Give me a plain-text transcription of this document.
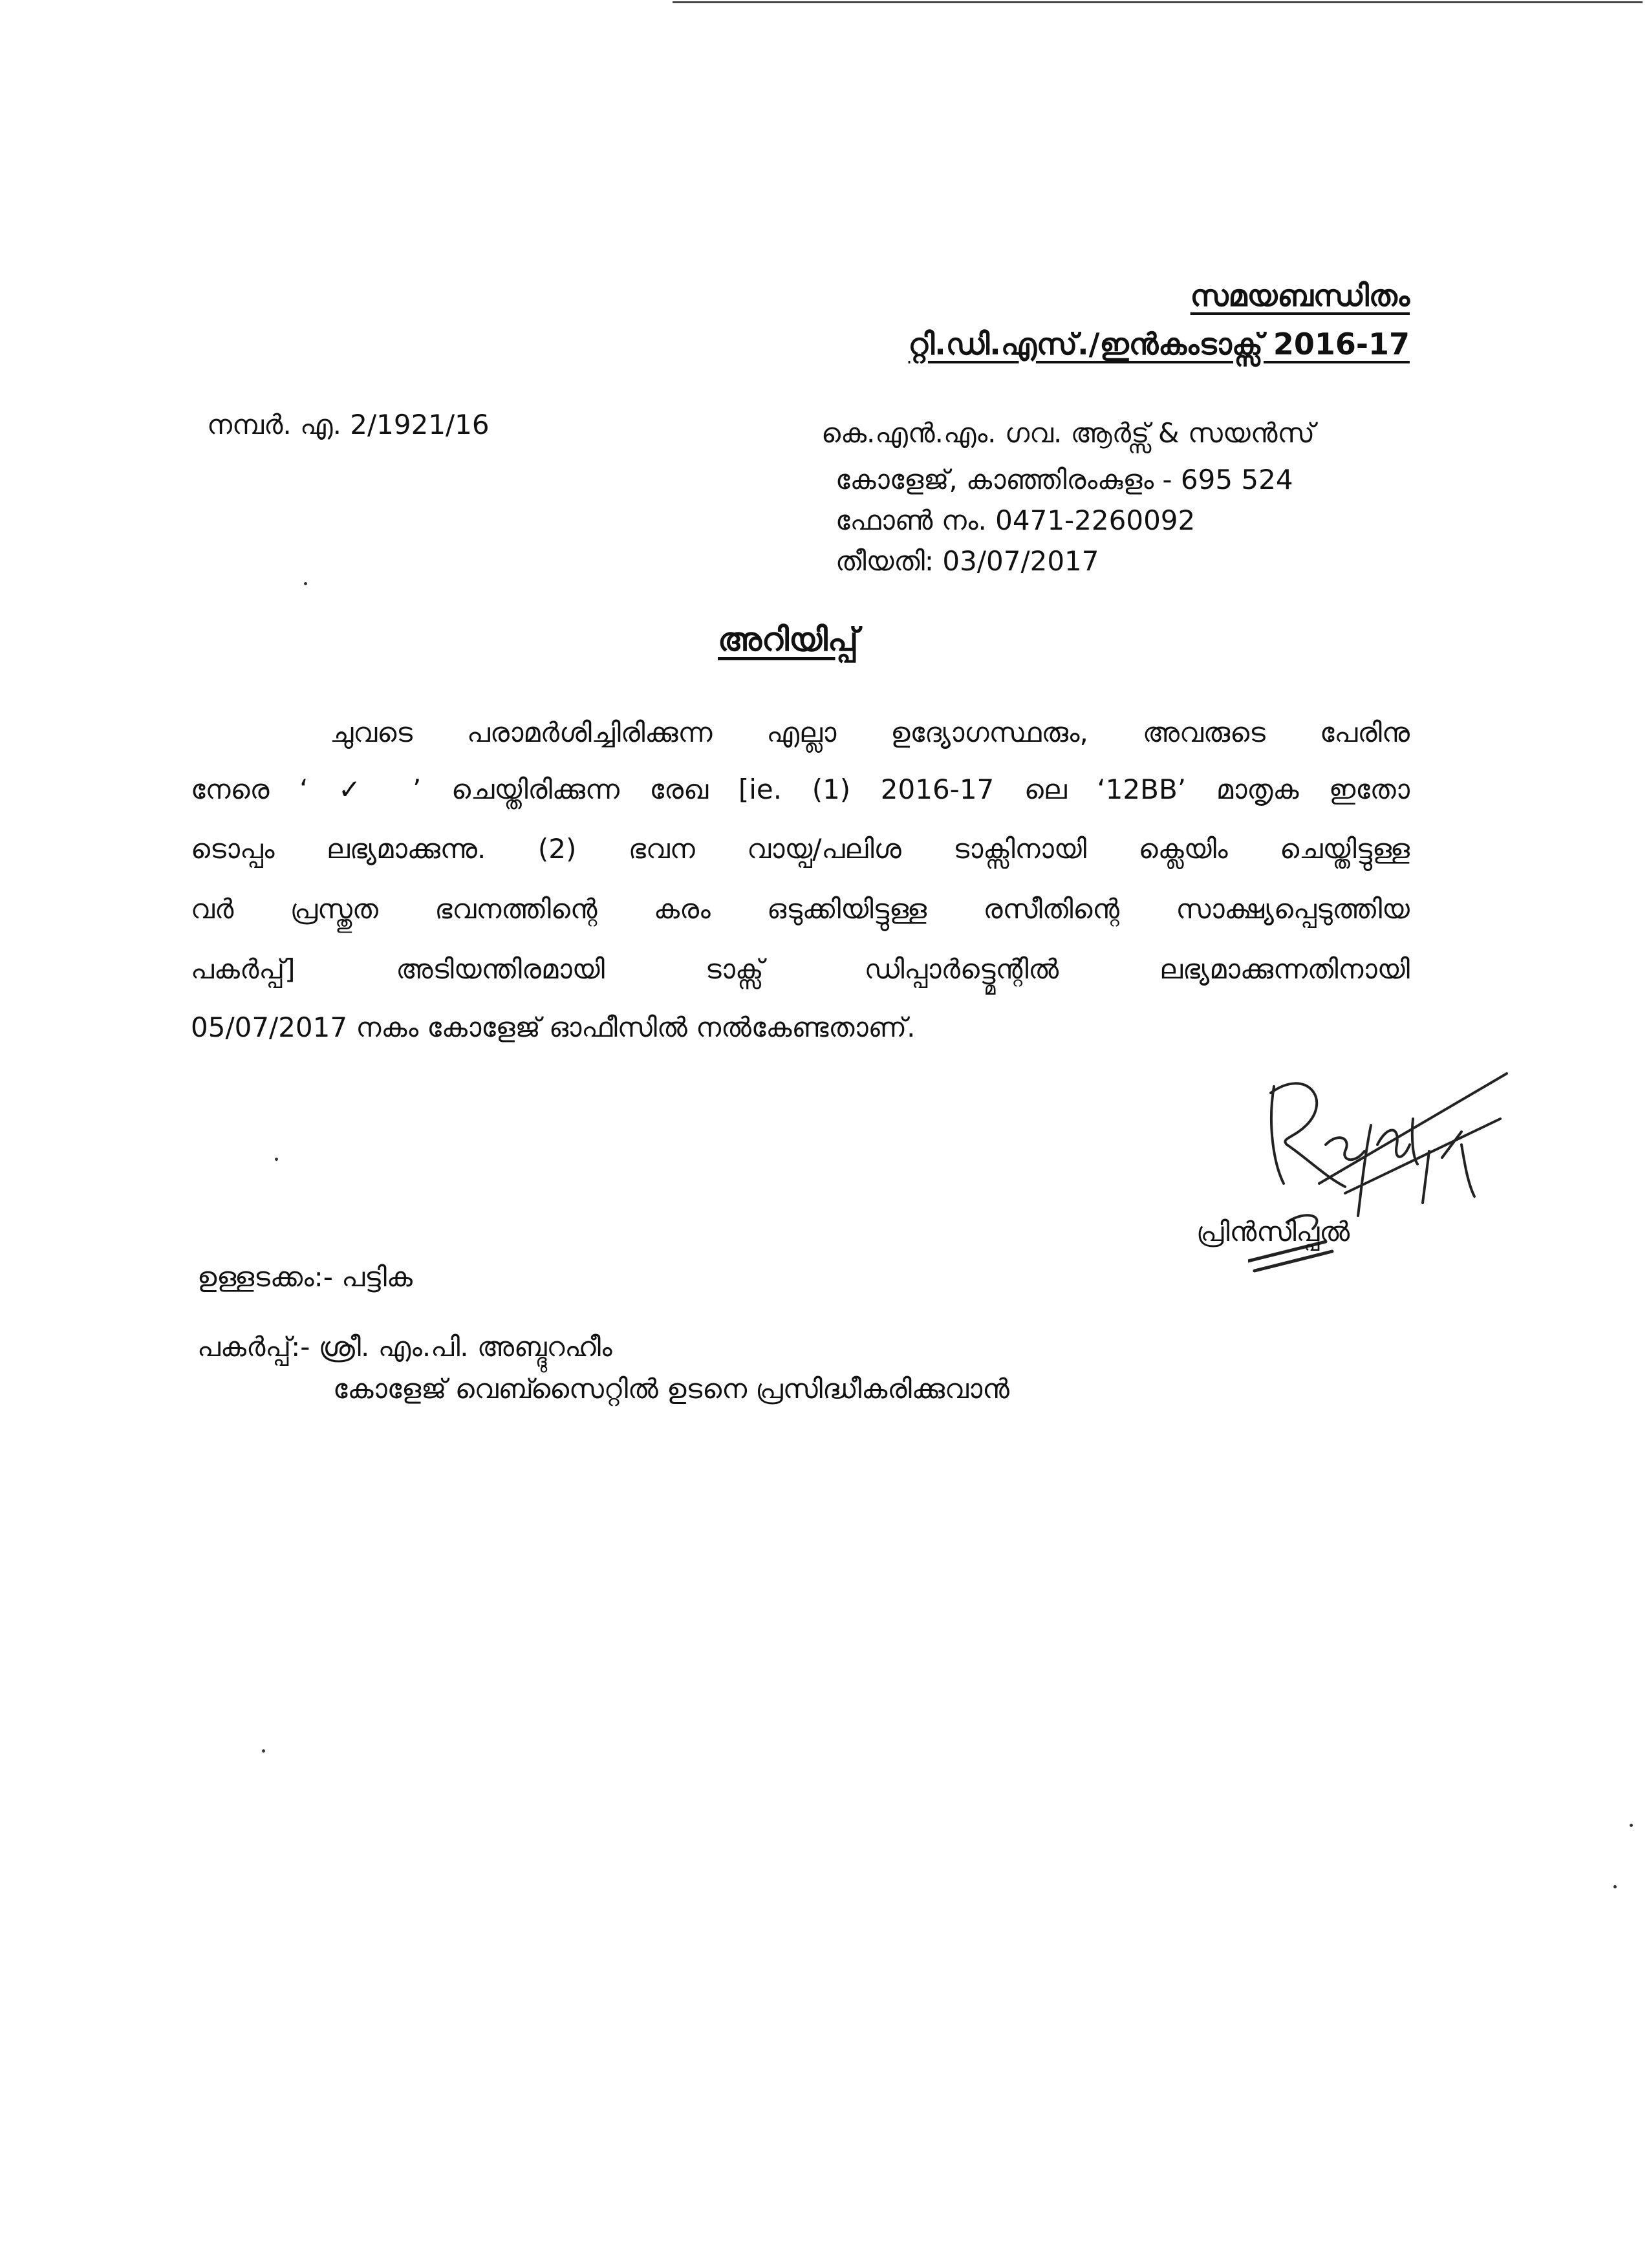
സമയബന്ധിതം
റ്റി.ഡി.എസ്./ഇൻകംടാക്സ് 2016-17
നമ്പർ. എ. 2/1921/16	കെ.എൻ.എം. ഗവ. ആർട്സ് & സയൻസ്
കോളേജ്, കാഞ്ഞിരംകുളം - 695 524
ഫോൺ നം. 0471-2260092
തീയതി: 03/07/2017
അറിയിപ്പ്
ചുവടെ പരാമർശിച്ചിരിക്കുന്ന എല്ലാ ഉദ്യോഗസ്ഥരും, അവരുടെ പേരിനു
നേരെ ‘ ✓ ’ ചെയ്തിരിക്കുന്ന രേഖ [ie. (1) 2016-17 ലെ ‘12BB’ മാതൃക ഇതോ
ടൊപ്പം ലഭ്യമാക്കുന്നു. (2) ഭവന വായ്പ/പലിശ ടാക്സിനായി ക്ലെയിം ചെയ്തിട്ടുള്ള
വർ പ്രസ്തുത ഭവനത്തിന്റെ കരം ഒടുക്കിയിട്ടുള്ള രസീതിന്റെ സാക്ഷ്യപ്പെടുത്തിയ
പകർപ്പ്] അടിയന്തിരമായി ടാക്സ് ഡിപ്പാർട്ട്മെന്റിൽ ലഭ്യമാക്കുന്നതിനായി
05/07/2017 നകം കോളേജ് ഓഫീസിൽ നൽകേണ്ടതാണ്.
പ്രിൻസിപ്പൽ
ഉള്ളടക്കം:- പട്ടിക
പകർപ്പ്:- ശ്രീ. എം.പി. അബ്ദുറഹീം
കോളേജ് വെബ്സൈറ്റിൽ ഉടനെ പ്രസിദ്ധീകരിക്കുവാൻ
